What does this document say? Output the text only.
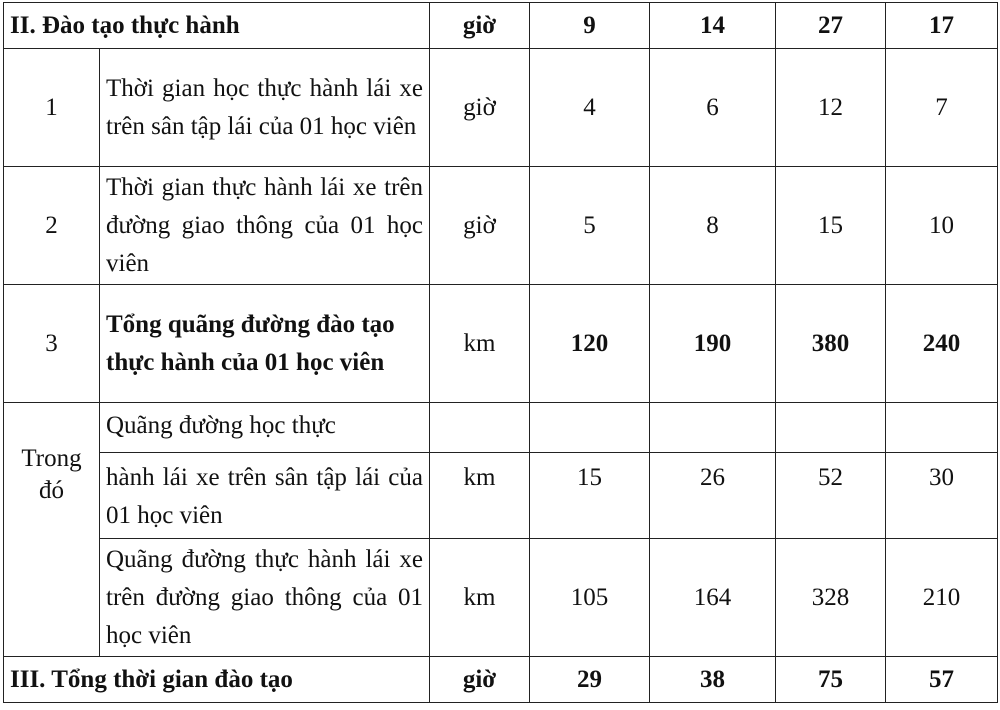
II. Đào tạo thực hành		giờ	9	14	27	17
1	Thời gian học thực hành lái xe trên sân tập lái của 01 học viên	giờ	4	6	12	7
2	Thời gian thực hành lái xe trên đường giao thông của 01 học viên	giờ	5	8	15	10
3	Tổng quãng đường đào tạo thực hành của 01 học viên	km	120	190	380	240
Trong đó	Quãng đường học thực					
	hành lái xe trên sân tập lái của 01 học viên	km	15	26	52	30
	Quãng đường thực hành lái xe trên đường giao thông của 01 học viên	km	105	164	328	210
III. Tổng thời gian đào tạo		giờ	29	38	75	57
